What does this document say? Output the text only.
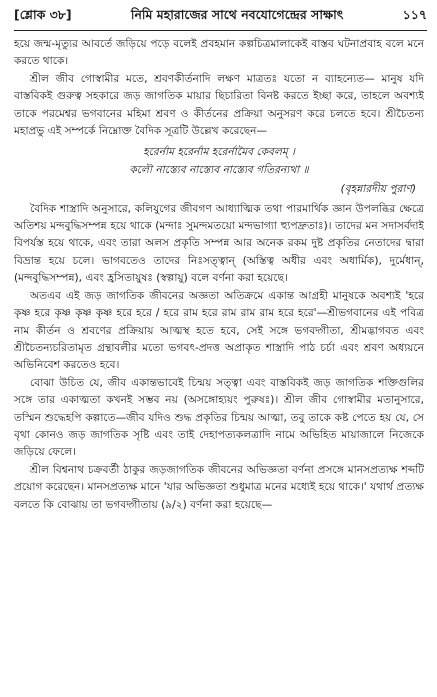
[শ্লোক ৩৮]	নিমি মহারাজের সাথে নবযোগেন্দ্রের সাক্ষাৎ	১১৭

হয়ে জন্ম-মৃত্যুর আবর্তে জড়িয়ে পড়ে বলেই প্রবহমান কল্পচিত্রমালাকেই বাস্তব ঘটনাপ্রবাহ বলে মনে করতে থাকে।

শ্রীল জীব গোস্বামীর মতে, শ্রবণকীর্তনাদি লক্ষণ মাত্রতঃ যতো ন ব্যাহন্যেত— মানুষ যদি বাস্তবিকই গুরুত্ব সহকারে জড় জাগতিক মায়ার ছিচারিতা বিনষ্ট করতে ইচ্ছা করে, তাহলে অবশ্যই তাকে পরমেশ্বর ভগবানের মহিমা শ্রবণ ও কীর্তনের প্রক্রিয়া অনুসরণ করে চলতে হবে। শ্রীচৈতন্য মহাপ্রভু এই সম্পর্কে নিম্নোক্ত বৈদিক সূত্রটি উল্লেখ করেছেন—

হরের্নাম হরের্নাম হরের্নামৈব কেবলম্ ।
কলৌ নাস্ত্যেব নাস্ত্যেব নাস্ত্যেব গতিরন্যথা ॥
(বৃহন্নারদীয় পুরাণ)

বৈদিক শাস্ত্রাদি অনুসারে, কলিযুগের জীবগণ আধ্যাত্মিক তথা পারমার্থিক জ্ঞান উপলব্ধির ক্ষেত্রে অতিশয় মন্দবুদ্ধিসম্পন্ন হয়ে থাকে (মন্দাঃ সুমন্দমতয়ো মন্দভাগ্যা হ্যুপদ্রুতাঃ)। তাদের মন সদাসর্বদাই বিপর্যস্ত হয়ে থাকে, এবং তারা অলস প্রকৃতি সম্পন্ন আর অনেক রকম দুষ্ট প্রকৃতির নেতাদের দ্বারা বিভ্রান্ত হয়ে চলে। ভাগবতেও তাদের নিঃসত্ত্বান্ (অস্তিত্ব অধীর এবং অধার্মিক), দুর্মেধান্, (মন্দবুদ্ধিসম্পন্ন), এবং হ্রসিতায়ুষঃ (স্বল্পায়ু) বলে বর্ণনা করা হয়েছে।

অতএব এই জড় জাগতিক জীবনের অজ্ঞতা অতিক্রমে একান্ত আগ্রহী মানুষকে অবশ্যই 'হরে কৃষ্ণ হরে কৃষ্ণ কৃষ্ণ কৃষ্ণ হরে হরে / হরে রাম হরে রাম রাম রাম হরে হরে'—শ্রীভগবানের এই পবিত্র নাম কীর্তন ও শ্রবণের প্রক্রিয়ায় আত্মস্থ হতে হবে, সেই সঙ্গে ভগবদ্গীতা, শ্রীমদ্ভাগবত এবং শ্রীচৈতন্যচরিতামৃত গ্রন্থাবলীর মতো ভগবৎ-প্রদত্ত অপ্রাকৃত শাস্ত্রাদি পাঠ চর্চা এবং শ্রবণ অধ্যয়নে অভিনিবেশ করতেও হবে।

বোঝা উচিত যে, জীব একান্তভাবেই চিন্ময় সত্ত্বা এবং বাস্তবিকই জড় জাগতিক শক্তিগুলির সঙ্গে তার একাত্মতা কখনই সম্ভব নয় (অসঙ্গোহ্যয়ং পুরুষঃ)। শ্রীল জীব গোস্বামীর মতানুসারে, তস্মিন শুদ্ধেহপি কল্পাতে—জীব যদিও শুদ্ধ প্রকৃতির চিন্ময় আত্মা, তবু তাকে কষ্ট পেতে হয় যে, সে বৃথা কোনও জড় জাগতিক সৃষ্টি এবং তাই দেহাপত্যকলত্রাদি নামে অভিহিত মায়াজালে নিজেকে জড়িয়ে ফেলে।

শ্রীল বিশ্বনাথ চক্রবর্তী ঠাকুর জড়জাগতিক জীবনের অভিজ্ঞতা বর্ণনা প্রসঙ্গে মানসপ্রত্যক্ষ শব্দটি প্রয়োগ করেছেন। মানসপ্রত্যক্ষ মানে 'যার অভিজ্ঞতা শুধুমাত্র মনের মধ্যেই হয়ে থাকে।' যথার্থ প্রত্যক্ষ বলতে কি বোঝায় তা ভগবদ্গীতায় (৯/২) বর্ণনা করা হয়েছে—
